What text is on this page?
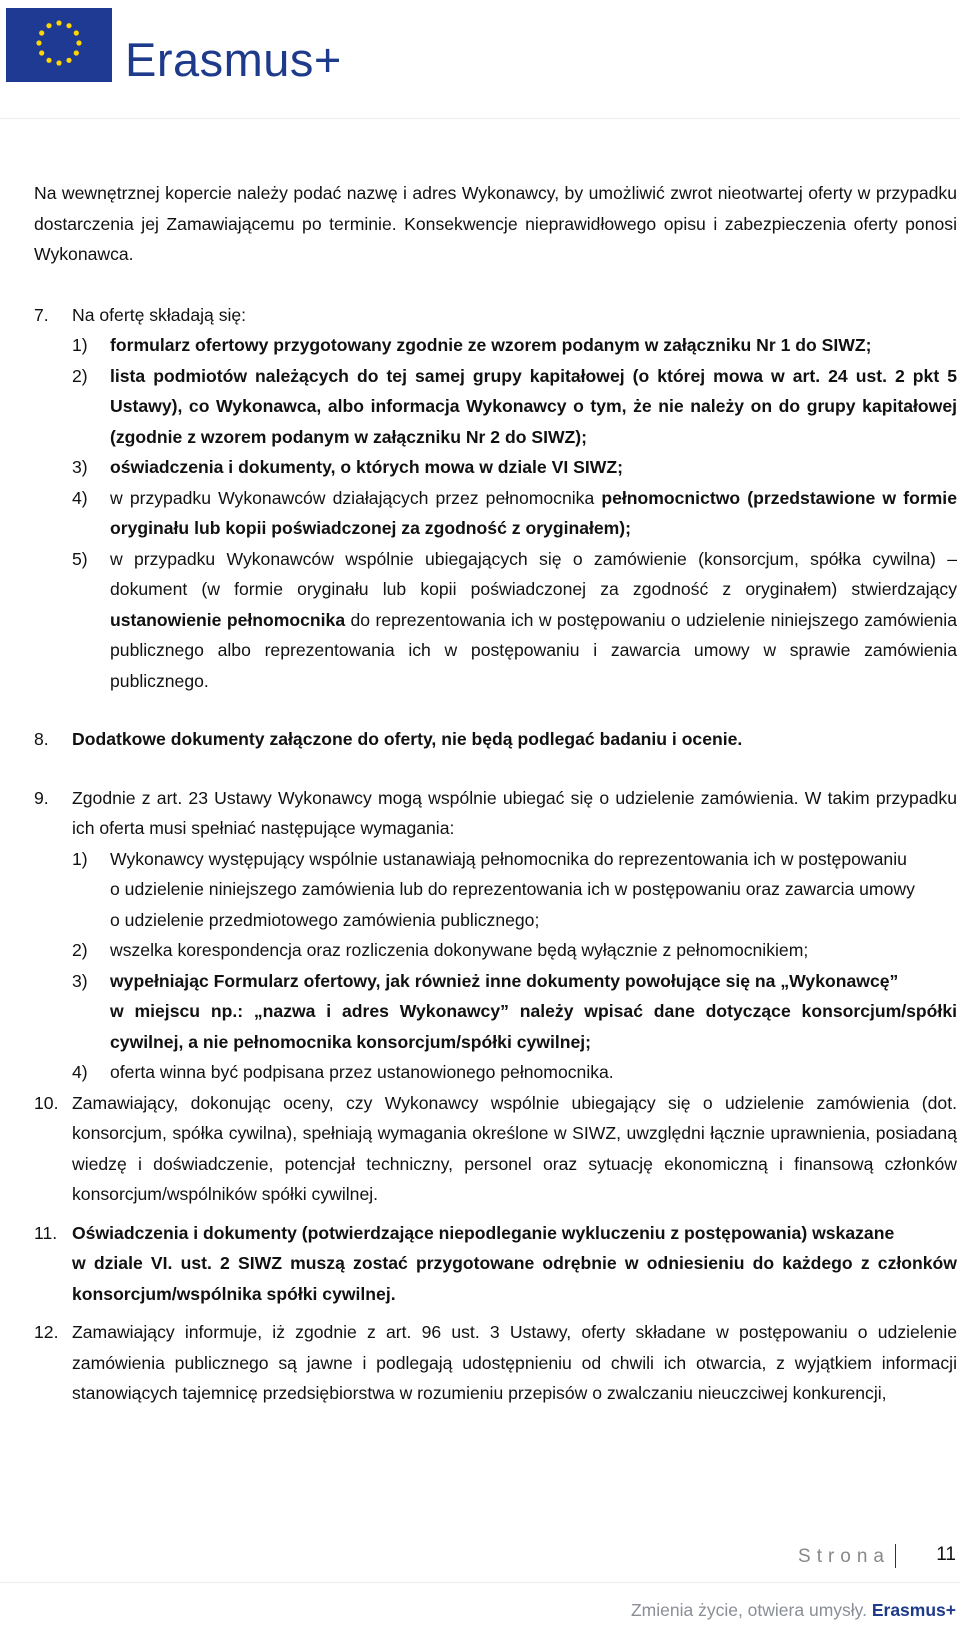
Erasmus+

Na wewnętrznej kopercie należy podać nazwę i adres Wykonawcy, by umożliwić zwrot nieotwartej oferty w przypadku dostarczenia jej Zamawiającemu po terminie. Konsekwencje nieprawidłowego opisu i zabezpieczenia oferty ponosi Wykonawca.

7.	Na ofertę składają się:

1)	formularz ofertowy przygotowany zgodnie ze wzorem podanym w załączniku Nr 1 do SIWZ;
2)	lista podmiotów należących do tej samej grupy kapitałowej (o której mowa w art. 24 ust. 2 pkt 5 Ustawy), co Wykonawca, albo informacja Wykonawcy o tym, że nie należy on do grupy kapitałowej (zgodnie z wzorem podanym w załączniku Nr 2 do SIWZ);
3)	oświadczenia i dokumenty, o których mowa w dziale VI SIWZ;
4)	w przypadku Wykonawców działających przez pełnomocnika pełnomocnictwo (przedstawione w formie oryginału lub kopii poświadczonej za zgodność z oryginałem);
5)	w przypadku Wykonawców wspólnie ubiegających się o zamówienie (konsorcjum, spółka cywilna) – dokument (w formie oryginału lub kopii poświadczonej za zgodność z oryginałem) stwierdzający ustanowienie pełnomocnika do reprezentowania ich w postępowaniu o udzielenie niniejszego zamówienia publicznego albo reprezentowania ich w postępowaniu i zawarcia umowy w sprawie zamówienia publicznego.
8.	Dodatkowe dokumenty załączone do oferty, nie będą podlegać badaniu i ocenie.
9.	Zgodnie z art. 23 Ustawy Wykonawcy mogą wspólnie ubiegać się o udzielenie zamówienia. W takim przypadku ich oferta musi spełniać następujące wymagania:

1)	Wykonawcy występujący wspólnie ustanawiają pełnomocnika do reprezentowania ich w postępowaniu

o udzielenie niniejszego zamówienia lub do reprezentowania ich w postępowaniu oraz zawarcia umowy

o udzielenie przedmiotowego zamówienia publicznego;

2)	wszelka korespondencja oraz rozliczenia dokonywane będą wyłącznie z pełnomocnikiem;
3)	wypełniając Formularz ofertowy, jak również inne dokumenty powołujące się na „Wykonawcę”

w miejscu np.: „nazwa i adres Wykonawcy” należy wpisać dane dotyczące konsorcjum/spółki cywilnej, a nie pełnomocnika konsorcjum/spółki cywilnej;

4)	oferta winna być podpisana przez ustanowionego pełnomocnika.
10. Zamawiający, dokonując oceny, czy Wykonawcy wspólnie ubiegający się o udzielenie zamówienia (dot. konsorcjum, spółka cywilna), spełniają wymagania określone w SIWZ, uwzględni łącznie uprawnienia, posiadaną wiedzę i doświadczenie, potencjał techniczny, personel oraz sytuację ekonomiczną i finansową członków konsorcjum/wspólników spółki cywilnej.
11. Oświadczenia i dokumenty (potwierdzające niepodleganie wykluczeniu z postępowania) wskazane

w dziale VI. ust. 2 SIWZ muszą zostać przygotowane odrębnie w odniesieniu do każdego z członków konsorcjum/wspólnika spółki cywilnej.

12. Zamawiający informuje, iż zgodnie z art. 96 ust. 3 Ustawy, oferty składane w postępowaniu o udzielenie zamówienia publicznego są jawne i podlegają udostępnieniu od chwili ich otwarcia, z wyjątkiem informacji stanowiących tajemnicę przedsiębiorstwa w rozumieniu przepisów o zwalczaniu nieuczciwej konkurencji,
Strona	11
Zmienia życie, otwiera umysły. Erasmus+
